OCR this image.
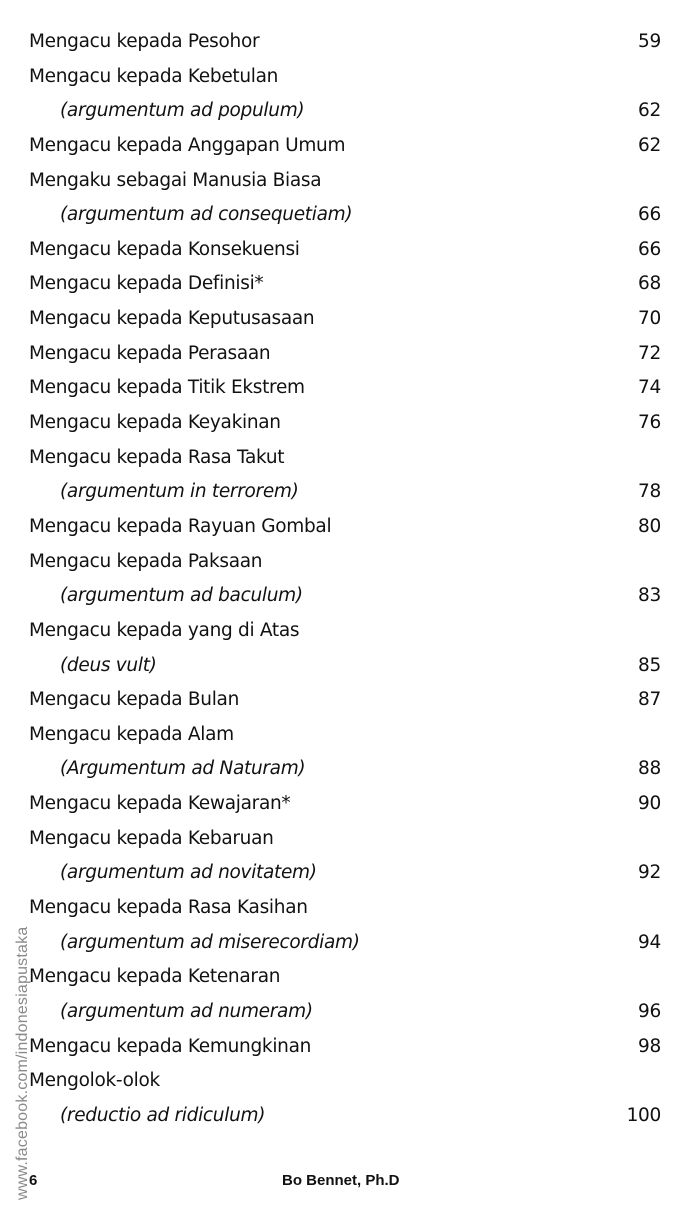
Mengacu kepada Pesohor	59
Mengacu kepada Kebetulan
(argumentum ad populum)	62
Mengacu kepada Anggapan Umum	62
Mengaku sebagai Manusia Biasa
(argumentum ad consequetiam)	66
Mengacu kepada Konsekuensi	66
Mengacu kepada Definisi*	68
Mengacu kepada Keputusasaan	70
Mengacu kepada Perasaan	72
Mengacu kepada Titik Ekstrem	74
Mengacu kepada Keyakinan	76
Mengacu kepada Rasa Takut
(argumentum in terrorem)	78
Mengacu kepada Rayuan Gombal	80
Mengacu kepada Paksaan
(argumentum ad baculum)	83
Mengacu kepada yang di Atas
(deus vult)	85
Mengacu kepada Bulan	87
Mengacu kepada Alam
(Argumentum ad Naturam)	88
Mengacu kepada Kewajaran*	90
Mengacu kepada Kebaruan
(argumentum ad novitatem)	92
Mengacu kepada Rasa Kasihan
(argumentum ad miserecordiam)	94
Mengacu kepada Ketenaran
(argumentum ad numeram)	96
Mengacu kepada Kemungkinan	98
Mengolok-olok
(reductio ad ridiculum)	100
www.facebook.com/indonesiapustaka
6	Bo Bennet, Ph.D
